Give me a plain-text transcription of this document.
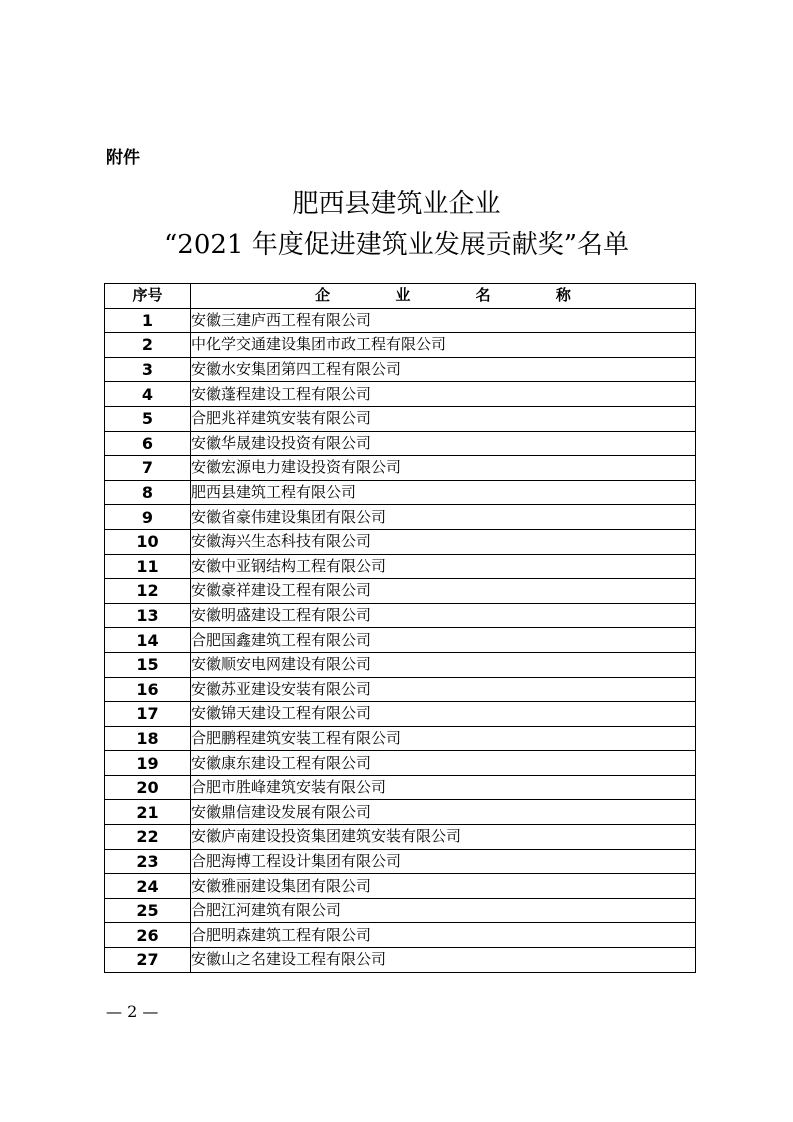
附件
肥西县建筑业企业
“2021 年度促进建筑业发展贡献奖”名单
序号	企 业 名 称
1	安徽三建庐西工程有限公司
2	中化学交通建设集团市政工程有限公司
3	安徽水安集团第四工程有限公司
4	安徽蓬程建设工程有限公司
5	合肥兆祥建筑安装有限公司
6	安徽华晟建设投资有限公司
7	安徽宏源电力建设投资有限公司
8	肥西县建筑工程有限公司
9	安徽省豪伟建设集团有限公司
10	安徽海兴生态科技有限公司
11	安徽中亚钢结构工程有限公司
12	安徽豪祥建设工程有限公司
13	安徽明盛建设工程有限公司
14	合肥国鑫建筑工程有限公司
15	安徽顺安电网建设有限公司
16	安徽苏亚建设安装有限公司
17	安徽锦天建设工程有限公司
18	合肥鹏程建筑安装工程有限公司
19	安徽康东建设工程有限公司
20	合肥市胜峰建筑安装有限公司
21	安徽鼎信建设发展有限公司
22	安徽庐南建设投资集团建筑安装有限公司
23	合肥海博工程设计集团有限公司
24	安徽雅丽建设集团有限公司
25	合肥江河建筑有限公司
26	合肥明森建筑工程有限公司
27	安徽山之名建设工程有限公司
— 2 —
